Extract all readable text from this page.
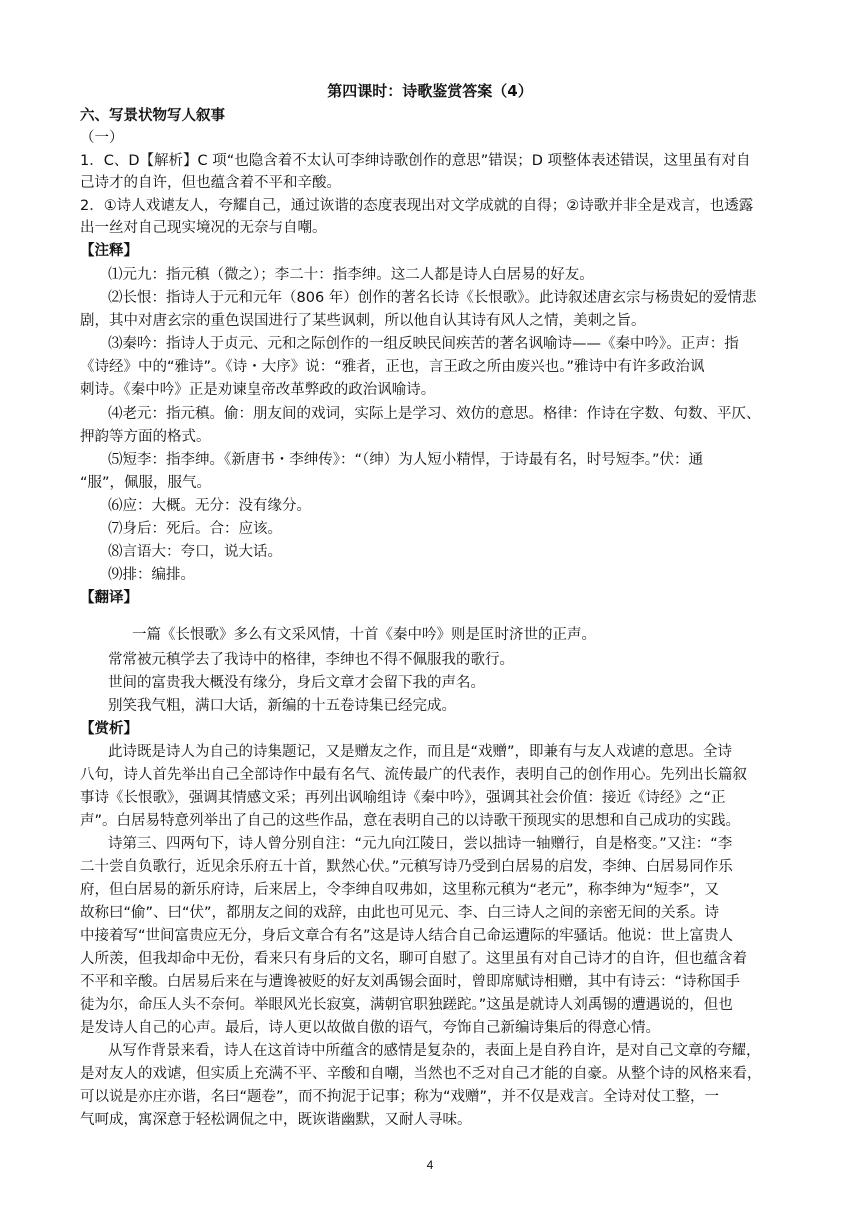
第四课时：诗歌鉴赏答案（4）
六、写景状物写人叙事
（一）
1．C、D【解析】C 项“也隐含着不太认可李绅诗歌创作的意思”错误；D 项整体表述错误，这里虽有对自
己诗才的自许，但也蕴含着不平和辛酸。
2．①诗人戏谑友人，夸耀自己，通过诙谐的态度表现出对文学成就的自得；②诗歌并非全是戏言，也透露
出一丝对自己现实境况的无奈与自嘲。
【注释】
⑴元九：指元稹（微之）；李二十：指李绅。这二人都是诗人白居易的好友。
⑵长恨：指诗人于元和元年（806 年）创作的著名长诗《长恨歌》。此诗叙述唐玄宗与杨贵妃的爱情悲
剧，其中对唐玄宗的重色误国进行了某些讽刺，所以他自认其诗有风人之情，美刺之旨。
⑶秦吟：指诗人于贞元、元和之际创作的一组反映民间疾苦的著名讽喻诗——《秦中吟》。正声：指
《诗经》中的“雅诗”。《诗・大序》说：“雅者，正也，言王政之所由废兴也。”雅诗中有许多政治讽
刺诗。《秦中吟》正是劝谏皇帝改革弊政的政治讽喻诗。
⑷老元：指元稹。偷：朋友间的戏词，实际上是学习、效仿的意思。格律：作诗在字数、句数、平仄、
押韵等方面的格式。
⑸短李：指李绅。《新唐书・李绅传》：“（绅）为人短小精悍，于诗最有名，时号短李。”伏：通
“服”，佩服，服气。
⑹应：大概。无分：没有缘分。
⑺身后：死后。合：应该。
⑻言语大：夸口，说大话。
⑼排：编排。
【翻译】
一篇《长恨歌》多么有文采风情，十首《秦中吟》则是匡时济世的正声。
常常被元稹学去了我诗中的格律，李绅也不得不佩服我的歌行。
世间的富贵我大概没有缘分，身后文章才会留下我的声名。
别笑我气粗，满口大话，新编的十五卷诗集已经完成。
【赏析】
此诗既是诗人为自己的诗集题记，又是赠友之作，而且是“戏赠”，即兼有与友人戏谑的意思。全诗
八句，诗人首先举出自己全部诗作中最有名气、流传最广的代表作，表明自己的创作用心。先列出长篇叙
事诗《长恨歌》，强调其情感文采；再列出讽喻组诗《秦中吟》，强调其社会价值：接近《诗经》之“正
声”。白居易特意列举出了自己的这些作品，意在表明自己的以诗歌干预现实的思想和自己成功的实践。
诗第三、四两句下，诗人曾分别自注：“元九向江陵日，尝以拙诗一轴赠行，自是格变。”又注：“李
二十尝自负歌行，近见余乐府五十首，默然心伏。”元稹写诗乃受到白居易的启发，李绅、白居易同作乐
府，但白居易的新乐府诗，后来居上，令李绅自叹弗如，这里称元稹为“老元”，称李绅为“短李”，又
故称曰“偷”、曰“伏”，都朋友之间的戏辞，由此也可见元、李、白三诗人之间的亲密无间的关系。诗
中接着写“世间富贵应无分，身后文章合有名”这是诗人结合自己命运遭际的牢骚话。他说：世上富贵人
人所羡，但我却命中无份，看来只有身后的文名，聊可自慰了。这里虽有对自己诗才的自许，但也蕴含着
不平和辛酸。白居易后来在与遭谗被贬的好友刘禹锡会面时，曾即席赋诗相赠，其中有诗云：“诗称国手
徒为尔，命压人头不奈何。举眼风光长寂寞，满朝官职独蹉跎。”这虽是就诗人刘禹锡的遭遇说的，但也
是发诗人自己的心声。最后，诗人更以故做自傲的语气，夸饰自己新编诗集后的得意心情。
从写作背景来看，诗人在这首诗中所蕴含的感情是复杂的，表面上是自矜自许，是对自己文章的夸耀，
是对友人的戏谑，但实质上充满不平、辛酸和自嘲，当然也不乏对自己才能的自豪。从整个诗的风格来看，
可以说是亦庄亦谐，名曰“题卷”，而不拘泥于记事；称为“戏赠”，并不仅是戏言。全诗对仗工整，一
气呵成，寓深意于轻松调侃之中，既诙谐幽默，又耐人寻味。
4
